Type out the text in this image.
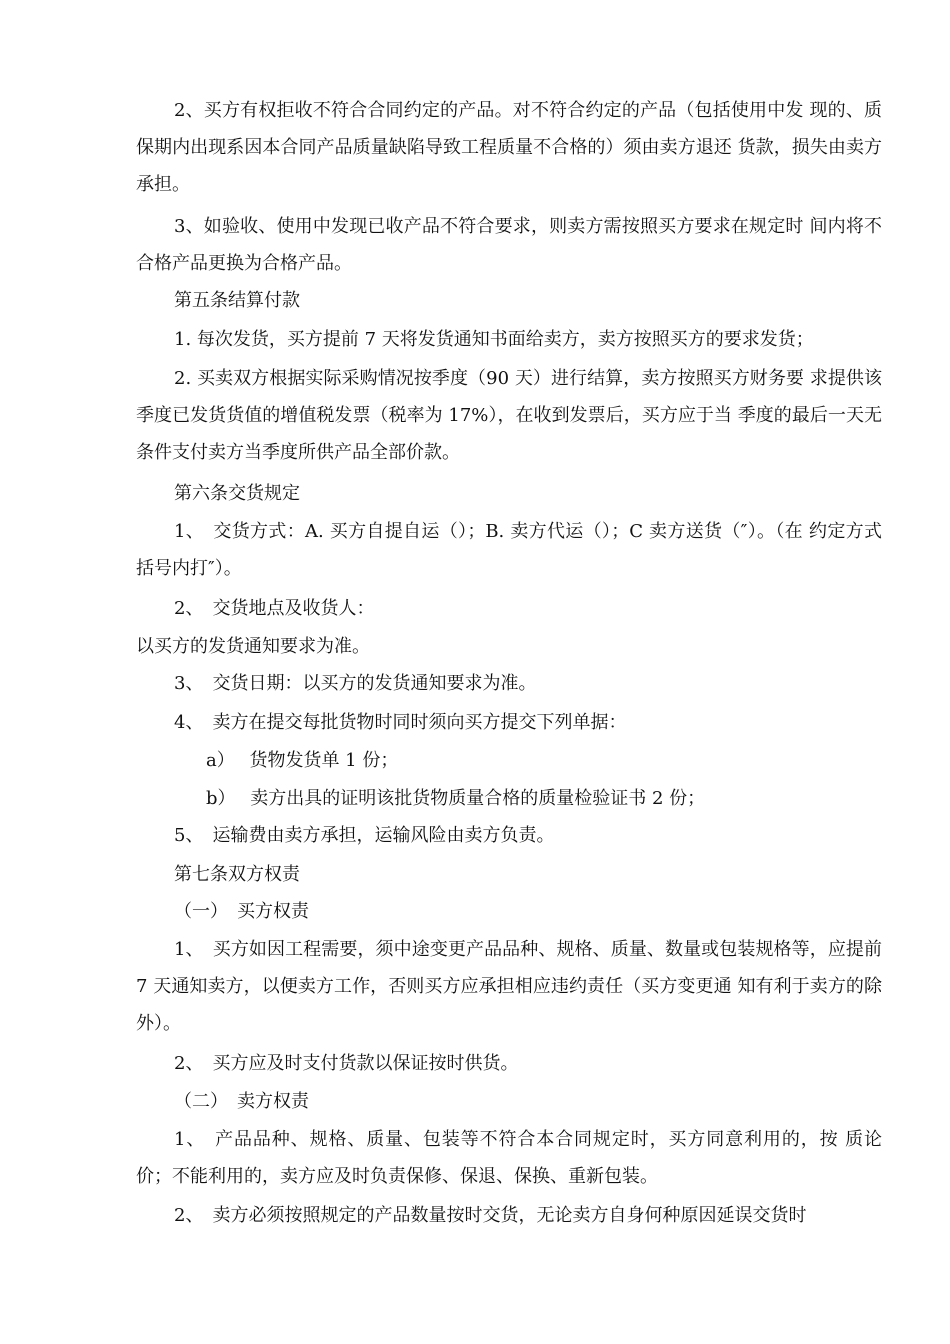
2、买方有权拒收不符合合同约定的产品。对不符合约定的产品（包括使用中发 现的、质保期内出现系因本合同产品质量缺陷导致工程质量不合格的）须由卖方退还 货款，损失由卖方承担。

3、如验收、使用中发现已收产品不符合要求，则卖方需按照买方要求在规定时 间内将不合格产品更换为合格产品。

第五条结算付款

1. 每次发货，买方提前 7 天将发货通知书面给卖方，卖方按照买方的要求发货；

2. 买卖双方根据实际采购情况按季度（90 天）进行结算，卖方按照买方财务要 求提供该季度已发货货值的增值税发票（税率为 17%），在收到发票后，买方应于当 季度的最后一天无条件支付卖方当季度所供产品全部价款。

第六条交货规定

1、　交货方式：A. 买方自提自运（）；B. 卖方代运（）；C 卖方送货（″）。（在 约定方式括号内打″）。

2、　交货地点及收货人：

以买方的发货通知要求为准。

3、　交货日期：以买方的发货通知要求为准。

4、　卖方在提交每批货物时同时须向买方提交下列单据：

a）　 货物发货单 1 份；

b）　 卖方出具的证明该批货物质量合格的质量检验证书 2 份；

5、　运输费由卖方承担，运输风险由卖方负责。

第七条双方权责

（一）　买方权责

1、　买方如因工程需要，须中途变更产品品种、规格、质量、数量或包装规格等，应提前 7 天通知卖方，以便卖方工作，否则买方应承担相应违约责任（买方变更通 知有利于卖方的除外）。

2、　买方应及时支付货款以保证按时供货。

（二）　卖方权责

1、　产品品种、规格、质量、包装等不符合本合同规定时，买方同意利用的，按 质论价；不能利用的，卖方应及时负责保修、保退、保换、重新包装。

2、　卖方必须按照规定的产品数量按时交货，无论卖方自身何种原因延误交货时
